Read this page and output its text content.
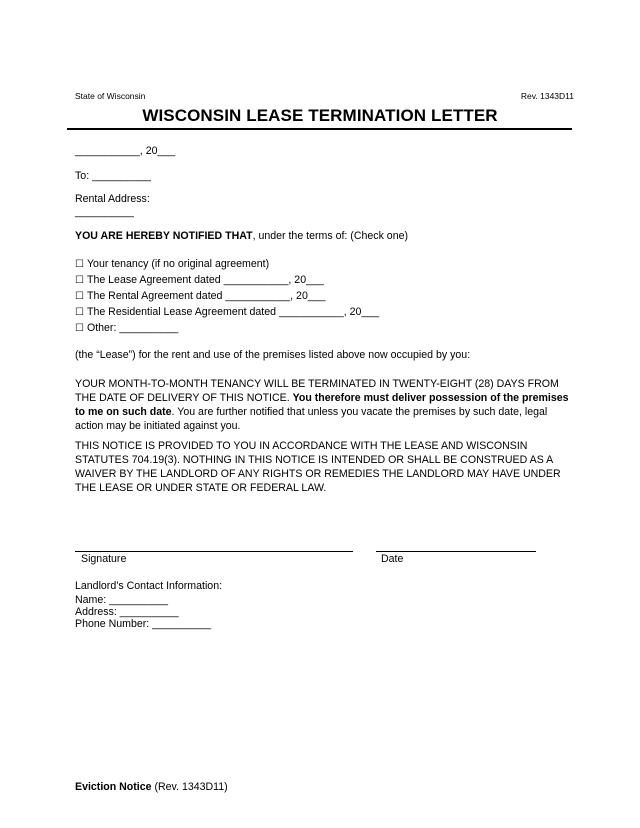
State of Wisconsin	Rev. 1343D11
WISCONSIN LEASE TERMINATION LETTER
___________, 20___
To: __________
Rental Address:
__________
YOU ARE HEREBY NOTIFIED THAT, under the terms of: (Check one)
☐ Your tenancy (if no original agreement)
☐ The Lease Agreement dated ___________, 20___
☐ The Rental Agreement dated ___________, 20___
☐ The Residential Lease Agreement dated ___________, 20___
☐ Other: __________
(the “Lease”) for the rent and use of the premises listed above now occupied by you:
YOUR MONTH-TO-MONTH TENANCY WILL BE TERMINATED IN TWENTY-EIGHT (28) DAYS FROM THE DATE OF DELIVERY OF THIS NOTICE. You therefore must deliver possession of the premises to me on such date. You are further notified that unless you vacate the premises by such date, legal action may be initiated against you.
THIS NOTICE IS PROVIDED TO YOU IN ACCORDANCE WITH THE LEASE AND WISCONSIN STATUTES 704.19(3). NOTHING IN THIS NOTICE IS INTENDED OR SHALL BE CONSTRUED AS A WAIVER BY THE LANDLORD OF ANY RIGHTS OR REMEDIES THE LANDLORD MAY HAVE UNDER THE LEASE OR UNDER STATE OR FEDERAL LAW.
Signature	Date
Landlord’s Contact Information:
Name: __________
Address: __________
Phone Number: __________
Eviction Notice (Rev. 1343D11)
